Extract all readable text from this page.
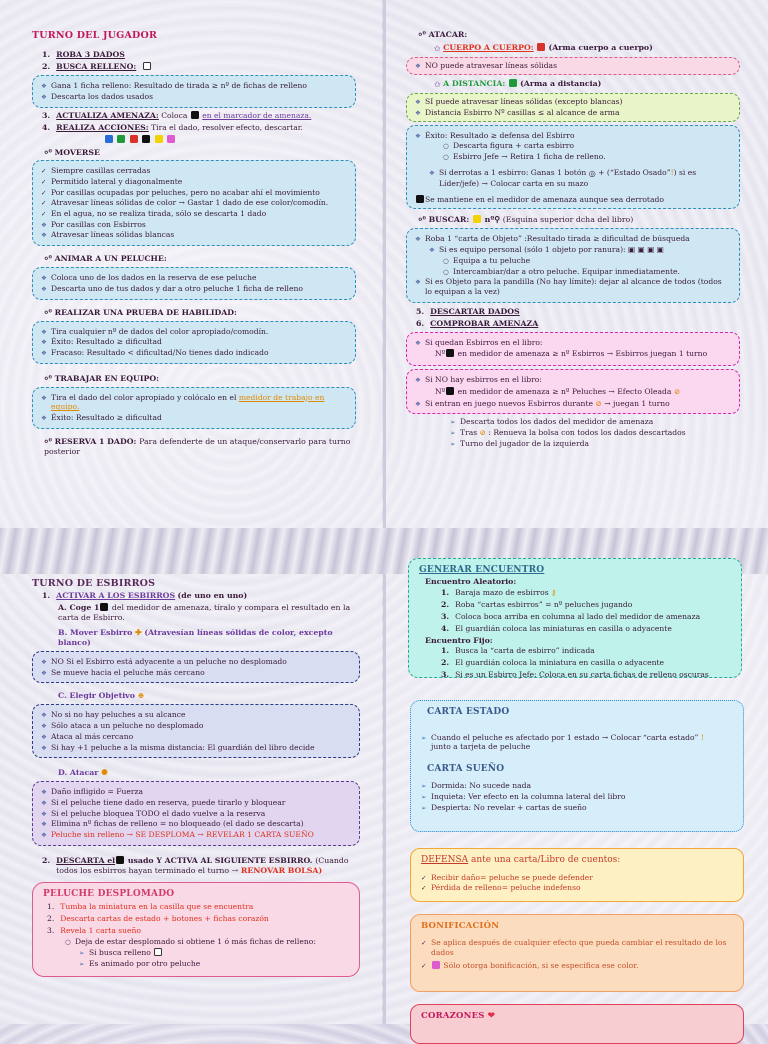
TURNO DEL JUGADOR
1. ROBA 3 DADOS
2. BUSCA RELLENO:
❖ Gana 1 ficha relleno: Resultado de tirada ≥ nº de fichas de relleno
❖ Descarta los dados usados
3. ACTUALIZA AMENAZA: Coloca en el marcador de amenaza.
4. REALIZA ACCIONES: Tira el dado, resolver efecto, descartar.

⸰⁰ MOVERSE
✓ Siempre casillas cerradas
✓ Permitido lateral y diagonalmente
✓ Por casillas ocupadas por peluches, pero no acabar ahí el movimiento
✓ Atravesar líneas sólidas de color → Gastar 1 dado de ese color/comodín.
✓ En el agua, no se realiza tirada, sólo se descarta 1 dado
❖ Por casillas con Esbirros
❖ Atravesar líneas sólidas blancas
⸰⁰ ANIMAR A UN PELUCHE:
❖ Coloca uno de los dados en la reserva de ese peluche
❖ Descarta uno de tus dados y dar a otro peluche 1 ficha de relleno
⸰⁰ REALIZAR UNA PRUEBA DE HABILIDAD:
❖ Tira cualquier nº de dados del color apropiado/comodín.
❖ Éxito: Resultado ≥ dificultad
❖ Fracaso: Resultado < dificultad/No tienes dado indicado
⸰⁰ TRABAJAR EN EQUIPO:
❖ Tira el dado del color apropiado y colócalo en el medidor de trabajo en equipo.
❖ Éxito: Resultado ≥ dificultad
⸰⁰ RESERVA 1 DADO: Para defenderte de un ataque/conservarlo para turno posterior
⸰⁰ ATACAR:
✩ CUERPO A CUERPO: (Arma cuerpo a cuerpo)
❖ NO puede atravesar líneas sólidas
✩ A DISTANCIA: (Arma a distancia)
❖ SI puede atravesar líneas sólidas (excepto blancas)
❖ Distancia Esbirro Nº casillas ≤ al alcance de arma
❖ Éxito: Resultado ≥ defensa del Esbirro
○ Descarta figura + carta esbirro
○ Esbirro Jefe → Retira 1 ficha de relleno.
❖ Si derrotas a 1 esbirro: Ganas 1 botón ◎ + (“Estado Osado”!) si es Líder/jefe) → Colocar carta en su mazo
Se mantiene en el medidor de amenaza aunque sea derrotado
⸰⁰ BUSCAR:  nº⚲ (Esquina superior dcha del libro)
❖ Roba 1 “carta de Objeto” :Resultado tirada ≥ dificultad de búsqueda
❖ Si es equipo personal (sólo 1 objeto por ranura): ▣ ▣ ▣ ▣
○ Equipa a tu peluche
○ Intercambiar/dar a otro peluche. Equipar inmediatamente.
❖ Si es Objeto para la pandilla (No hay límite): dejar al alcance de todos (todos lo equipan a la vez)
5. DESCARTAR DADOS
6. COMPROBAR AMENAZA
❖ Si quedan Esbirros en el libro:
Nº en medidor de amenaza ≥ nº Esbirros → Esbirros juegan 1 turno
❖ Si NO hay esbirros en el libro:
Nº en medidor de amenaza ≥ nº Peluches → Efecto Oleada ⊘
❖ Si entran en juego nuevos Esbirros durante ⊘ → juegan 1 turno
➢ Descarta todos los dados del medidor de amenaza
➢ Tras ⊘ : Renueva la bolsa con todos los dados descartados
➢ Turno del jugador de la izquierda
TURNO DE ESBIRROS
1. ACTIVAR A LOS ESBIRROS (de uno en uno)
A. Coge 1 del medidor de amenaza, tíralo y compara el resultado en la carta de Esbirro.
B. Mover Esbirro ✚ (Atravesían líneas sólidas de color, excepto blanco)
❖ NO Si el Esbirro está adyacente a un peluche no desplomado
❖ Se mueve hacia el peluche más cercano
C. Elegir Objetivo ⊕
❖ No si no hay peluches a su alcance
❖ Sólo ataca a un peluche no desplomado
❖ Ataca al más cercano
❖ Si hay +1 peluche a la misma distancia: El guardián del libro decide
D. Atacar ✺
❖ Daño infligido = Fuerza
❖ Si el peluche tiene dado en reserva, puede tirarlo y bloquear
❖ Si el peluche bloquea TODO el dado vuelve a la reserva
❖ Elimina nº fichas de relleno = no bloqueado (el dado se descarta)
❖ Peluche sin relleno → SE DESPLOMA → REVELAR 1 CARTA SUEÑO
2. DESCARTA el usado Y ACTIVA AL SIGUIENTE ESBIRRO. (Cuando todos los esbirros hayan terminado el turno → RENOVAR BOLSA)
PELUCHE DESPLOMADO
1. Tumba la miniatura en la casilla que se encuentra
2. Descarta cartas de estado + botones + fichas corazón
3. Revela 1 carta sueño
○ Deja de estar desplomado si obtiene 1 ó más fichas de relleno:
➢ Si busca relleno
➢ Es animado por otro peluche
GENERAR ENCUENTRO
Encuentro Aleatorio:
1. Baraja mazo de esbirros ⚷
2. Roba “cartas esbirros” = nº peluches jugando
3. Coloca boca arriba en columna al lado del medidor de amenaza
4. El guardián coloca las miniaturas en casilla o adyacente
Encuentro Fijo:
1. Busca la “carta de esbirro” indicada
2. El guardián coloca la miniatura en casilla o adyacente
3. Si es un Esbirro Jefe: Coloca en su carta fichas de relleno oscuras
CARTA ESTADO
➢ Cuando el peluche es afectado por 1 estado → Colocar “carta estado” !
junto a tarjeta de peluche
CARTA SUEÑO
➢ Dormida: No sucede nada
➢ Inquieta: Ver efecto en la columna lateral del libro
➢ Despierta: No revelar + cartas de sueño
DEFENSA ante una carta/Libro de cuentos:
✓ Recibir daño= peluche se puede defender
✓ Pérdida de relleno= peluche indefenso
BONIFICACIÓN
✓ Se aplica después de cualquier efecto que pueda cambiar el resultado de los dados
✓ Sólo otorga bonificación, si se especifica ese color.
CORAZONES ❤
